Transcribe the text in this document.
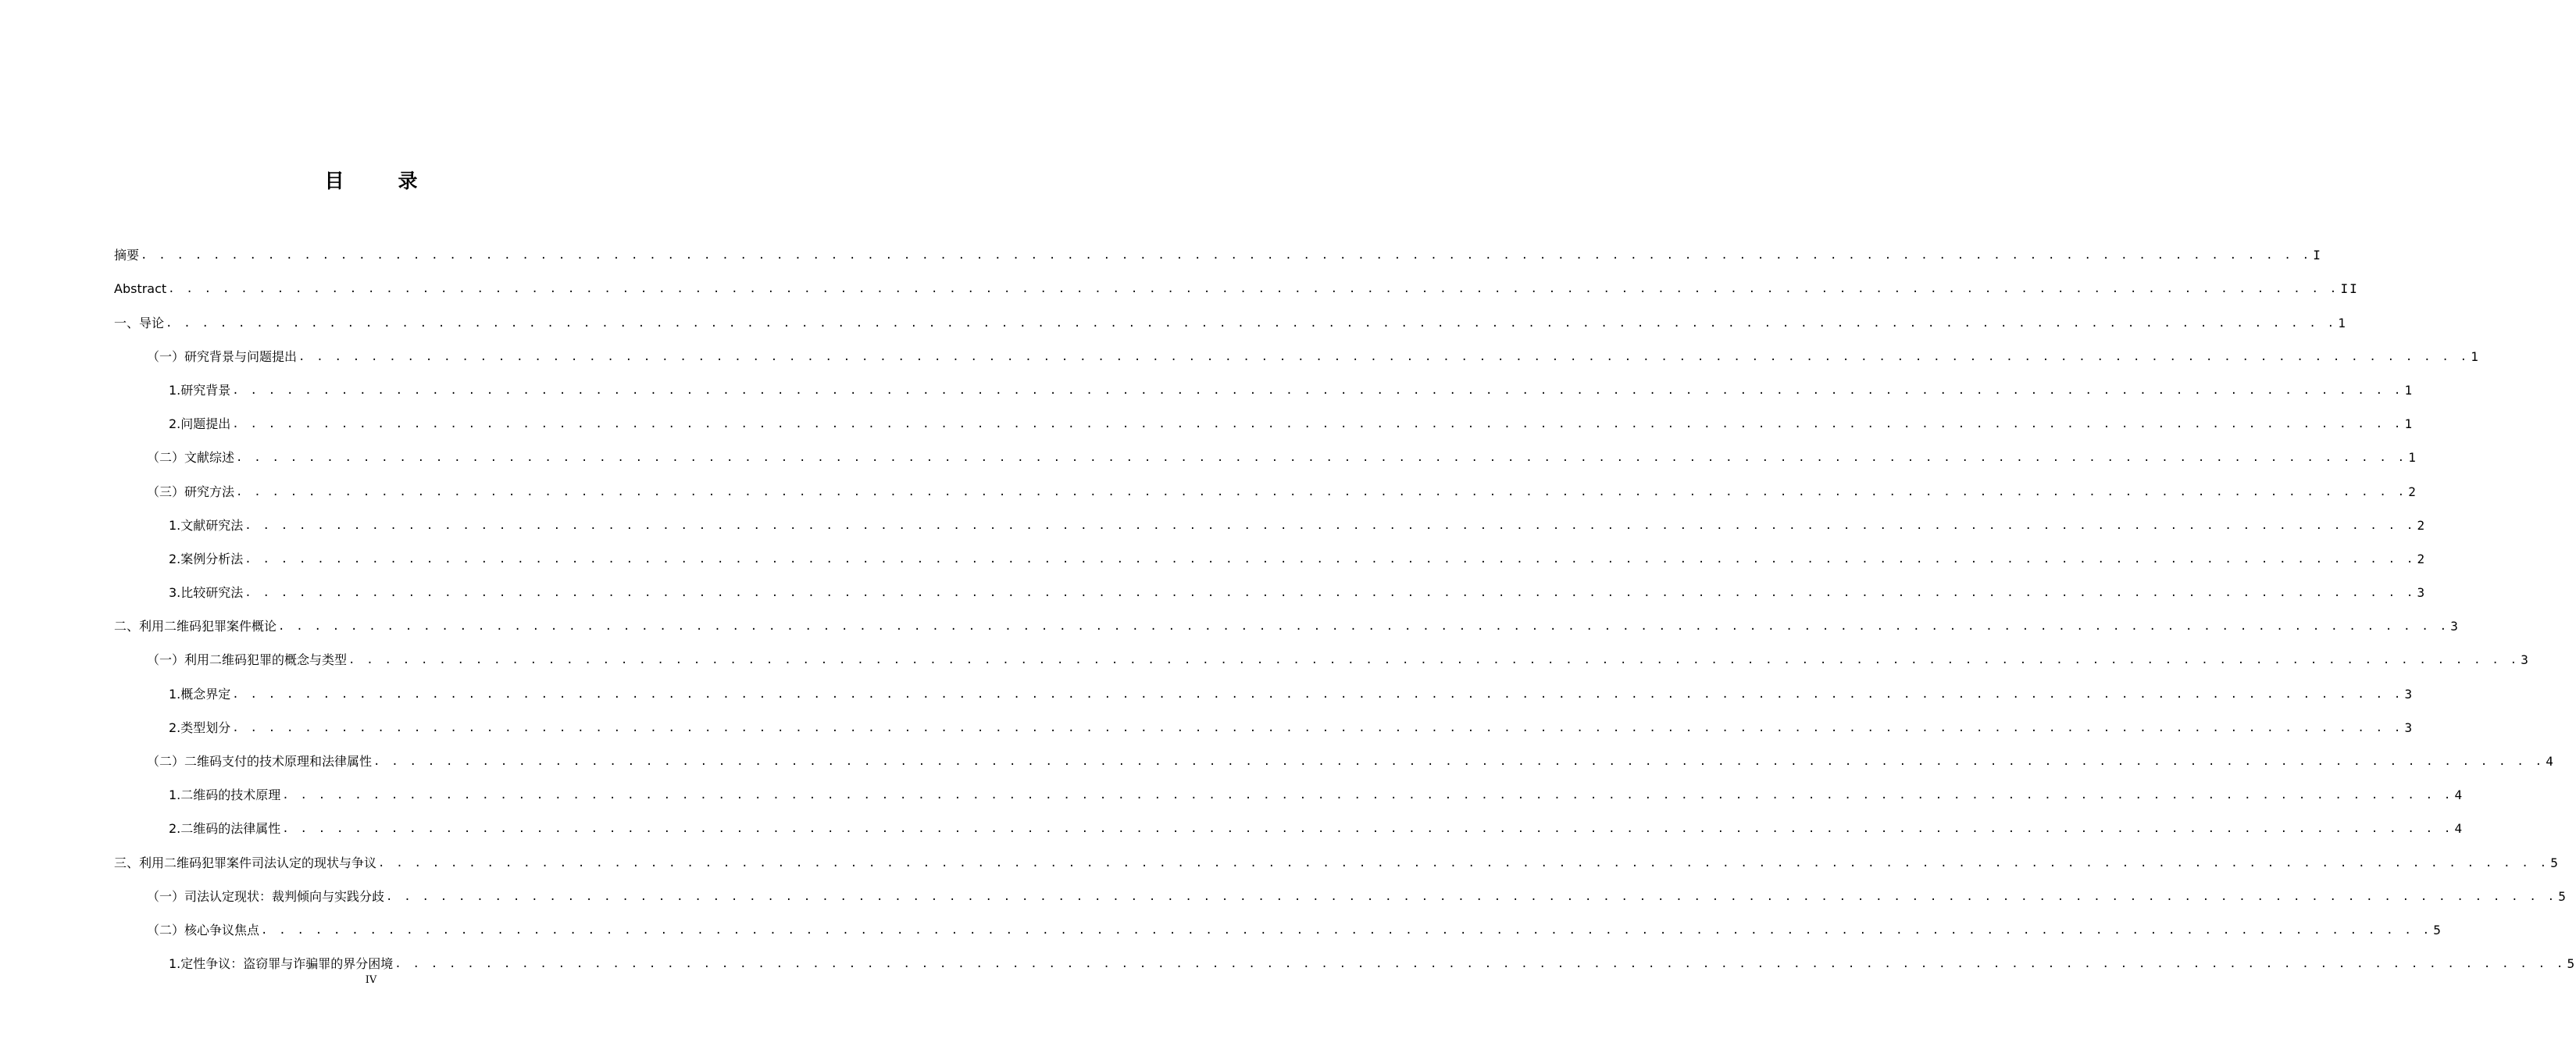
目　录
摘要 . . . . . . . . . . . . . . . . . . . . . . . . . . . . . . . . . . . . . . . . . . . . . . . . . . . . . . . . . . . . . . . . . . . . . . . . . . . . . . . . . . . . . . . . . . . . . . . . . . . . . . . . . . . . . . . . . . . . . . . . I
Abstract . . . . . . . . . . . . . . . . . . . . . . . . . . . . . . . . . . . . . . . . . . . . . . . . . . . . . . . . . . . . . . . . . . . . . . . . . . . . . . . . . . . . . . . . . . . . . . . . . . . . . . . . . . . . . . . . . . . . . . . . II
一、导论 . . . . . . . . . . . . . . . . . . . . . . . . . . . . . . . . . . . . . . . . . . . . . . . . . . . . . . . . . . . . . . . . . . . . . . . . . . . . . . . . . . . . . . . . . . . . . . . . . . . . . . . . . . . . . . . . . . . . . . . . 1
（一）研究背景与问题提出 . . . . . . . . . . . . . . . . . . . . . . . . . . . . . . . . . . . . . . . . . . . . . . . . . . . . . . . . . . . . . . . . . . . . . . . . . . . . . . . . . . . . . . . . . . . . . . . . . . . . . . . . . . . . . . . . . . . . . . . . 1
1.研究背景 . . . . . . . . . . . . . . . . . . . . . . . . . . . . . . . . . . . . . . . . . . . . . . . . . . . . . . . . . . . . . . . . . . . . . . . . . . . . . . . . . . . . . . . . . . . . . . . . . . . . . . . . . . . . . . . . . . . . . . . . 1
2.问题提出 . . . . . . . . . . . . . . . . . . . . . . . . . . . . . . . . . . . . . . . . . . . . . . . . . . . . . . . . . . . . . . . . . . . . . . . . . . . . . . . . . . . . . . . . . . . . . . . . . . . . . . . . . . . . . . . . . . . . . . . . 1
（二）文献综述 . . . . . . . . . . . . . . . . . . . . . . . . . . . . . . . . . . . . . . . . . . . . . . . . . . . . . . . . . . . . . . . . . . . . . . . . . . . . . . . . . . . . . . . . . . . . . . . . . . . . . . . . . . . . . . . . . . . . . . . . 1
（三）研究方法 . . . . . . . . . . . . . . . . . . . . . . . . . . . . . . . . . . . . . . . . . . . . . . . . . . . . . . . . . . . . . . . . . . . . . . . . . . . . . . . . . . . . . . . . . . . . . . . . . . . . . . . . . . . . . . . . . . . . . . . . 2
1.文献研究法 . . . . . . . . . . . . . . . . . . . . . . . . . . . . . . . . . . . . . . . . . . . . . . . . . . . . . . . . . . . . . . . . . . . . . . . . . . . . . . . . . . . . . . . . . . . . . . . . . . . . . . . . . . . . . . . . . . . . . . . . 2
2.案例分析法 . . . . . . . . . . . . . . . . . . . . . . . . . . . . . . . . . . . . . . . . . . . . . . . . . . . . . . . . . . . . . . . . . . . . . . . . . . . . . . . . . . . . . . . . . . . . . . . . . . . . . . . . . . . . . . . . . . . . . . . . 2
3.比较研究法 . . . . . . . . . . . . . . . . . . . . . . . . . . . . . . . . . . . . . . . . . . . . . . . . . . . . . . . . . . . . . . . . . . . . . . . . . . . . . . . . . . . . . . . . . . . . . . . . . . . . . . . . . . . . . . . . . . . . . . . . 3
二、利用二维码犯罪案件概论 . . . . . . . . . . . . . . . . . . . . . . . . . . . . . . . . . . . . . . . . . . . . . . . . . . . . . . . . . . . . . . . . . . . . . . . . . . . . . . . . . . . . . . . . . . . . . . . . . . . . . . . . . . . . . . . . . . . . . . . . 3
（一）利用二维码犯罪的概念与类型 . . . . . . . . . . . . . . . . . . . . . . . . . . . . . . . . . . . . . . . . . . . . . . . . . . . . . . . . . . . . . . . . . . . . . . . . . . . . . . . . . . . . . . . . . . . . . . . . . . . . . . . . . . . . . . . . . . . . . . . . 3
1.概念界定 . . . . . . . . . . . . . . . . . . . . . . . . . . . . . . . . . . . . . . . . . . . . . . . . . . . . . . . . . . . . . . . . . . . . . . . . . . . . . . . . . . . . . . . . . . . . . . . . . . . . . . . . . . . . . . . . . . . . . . . . 3
2.类型划分 . . . . . . . . . . . . . . . . . . . . . . . . . . . . . . . . . . . . . . . . . . . . . . . . . . . . . . . . . . . . . . . . . . . . . . . . . . . . . . . . . . . . . . . . . . . . . . . . . . . . . . . . . . . . . . . . . . . . . . . . 3
（二）二维码支付的技术原理和法律属性 . . . . . . . . . . . . . . . . . . . . . . . . . . . . . . . . . . . . . . . . . . . . . . . . . . . . . . . . . . . . . . . . . . . . . . . . . . . . . . . . . . . . . . . . . . . . . . . . . . . . . . . . . . . . . . . . . . . . . . . . 4
1.二维码的技术原理 . . . . . . . . . . . . . . . . . . . . . . . . . . . . . . . . . . . . . . . . . . . . . . . . . . . . . . . . . . . . . . . . . . . . . . . . . . . . . . . . . . . . . . . . . . . . . . . . . . . . . . . . . . . . . . . . . . . . . . . . 4
2.二维码的法律属性 . . . . . . . . . . . . . . . . . . . . . . . . . . . . . . . . . . . . . . . . . . . . . . . . . . . . . . . . . . . . . . . . . . . . . . . . . . . . . . . . . . . . . . . . . . . . . . . . . . . . . . . . . . . . . . . . . . . . . . . . 4
三、利用二维码犯罪案件司法认定的现状与争议 . . . . . . . . . . . . . . . . . . . . . . . . . . . . . . . . . . . . . . . . . . . . . . . . . . . . . . . . . . . . . . . . . . . . . . . . . . . . . . . . . . . . . . . . . . . . . . . . . . . . . . . . . . . . . . . . . . . . . . . . 5
（一）司法认定现状：裁判倾向与实践分歧 . . . . . . . . . . . . . . . . . . . . . . . . . . . . . . . . . . . . . . . . . . . . . . . . . . . . . . . . . . . . . . . . . . . . . . . . . . . . . . . . . . . . . . . . . . . . . . . . . . . . . . . . . . . . . . . . . . . . . . . . 5
（二）核心争议焦点 . . . . . . . . . . . . . . . . . . . . . . . . . . . . . . . . . . . . . . . . . . . . . . . . . . . . . . . . . . . . . . . . . . . . . . . . . . . . . . . . . . . . . . . . . . . . . . . . . . . . . . . . . . . . . . . . . . . . . . . . 5
1.定性争议：盗窃罪与诈骗罪的界分困境 . . . . . . . . . . . . . . . . . . . . . . . . . . . . . . . . . . . . . . . . . . . . . . . . . . . . . . . . . . . . . . . . . . . . . . . . . . . . . . . . . . . . . . . . . . . . . . . . . . . . . . . . . . . . . . . . . . . . . . . . 5
IV
